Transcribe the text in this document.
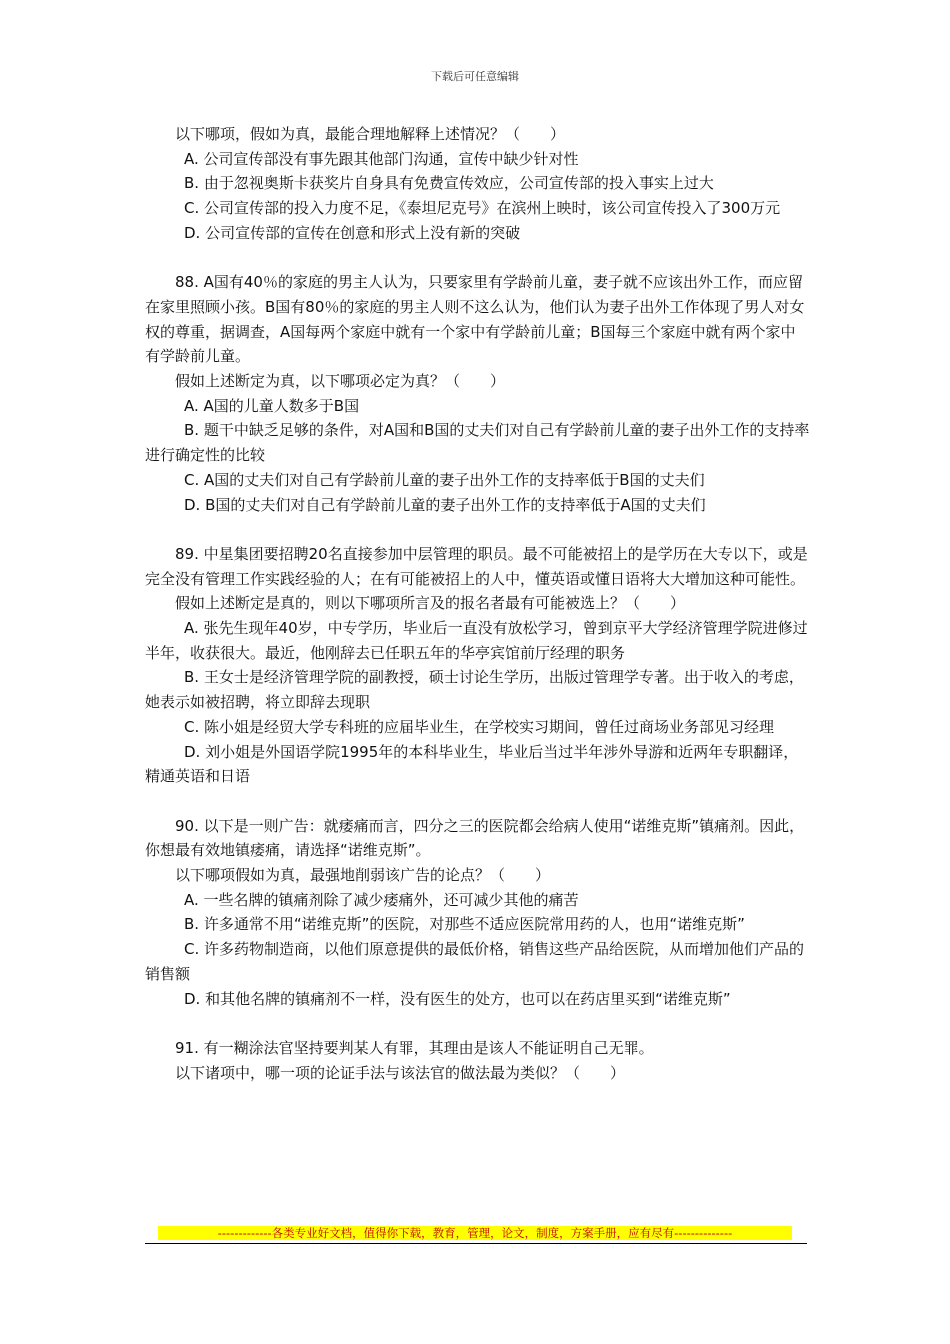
下载后可任意编辑

以下哪项，假如为真，最能合理地解释上述情况？（　　）

A. 公司宣传部没有事先跟其他部门沟通，宣传中缺少针对性

B. 由于忽视奥斯卡获奖片自身具有免费宣传效应，公司宣传部的投入事实上过大

C. 公司宣传部的投入力度不足，《泰坦尼克号》在滨州上映时，该公司宣传投入了300万元

D. 公司宣传部的宣传在创意和形式上没有新的突破

88. A国有40％的家庭的男主人认为，只要家里有学龄前儿童，妻子就不应该出外工作，而应留在家里照顾小孩。B国有80％的家庭的男主人则不这么认为，他们认为妻子出外工作体现了男人对女权的尊重，据调查，A国每两个家庭中就有一个家中有学龄前儿童；B国每三个家庭中就有两个家中有学龄前儿童。

假如上述断定为真，以下哪项必定为真？（　　）

A. A国的儿童人数多于B国

B. 题干中缺乏足够的条件，对A国和B国的丈夫们对自己有学龄前儿童的妻子出外工作的支持率进行确定性的比较

C. A国的丈夫们对自己有学龄前儿童的妻子出外工作的支持率低于B国的丈夫们

D. B国的丈夫们对自己有学龄前儿童的妻子出外工作的支持率低于A国的丈夫们

89. 中星集团要招聘20名直接参加中层管理的职员。最不可能被招上的是学历在大专以下，或是完全没有管理工作实践经验的人；在有可能被招上的人中，懂英语或懂日语将大大增加这种可能性。

假如上述断定是真的，则以下哪项所言及的报名者最有可能被选上？（　　）

A. 张先生现年40岁，中专学历，毕业后一直没有放松学习，曾到京平大学经济管理学院进修过半年，收获很大。最近，他刚辞去已任职五年的华亭宾馆前厅经理的职务

B. 王女士是经济管理学院的副教授，硕士讨论生学历，出版过管理学专著。出于收入的考虑，她表示如被招聘，将立即辞去现职

C. 陈小姐是经贸大学专科班的应届毕业生，在学校实习期间，曾任过商场业务部见习经理

D. 刘小姐是外国语学院1995年的本科毕业生，毕业后当过半年涉外导游和近两年专职翻译，精通英语和日语

90. 以下是一则广告：就痿痛而言，四分之三的医院都会给病人使用“诺维克斯”镇痛剂。因此，你想最有效地镇痿痛，请选择“诺维克斯”。

以下哪项假如为真，最强地削弱该广告的论点？（　　）

A. 一些名牌的镇痛剂除了减少痿痛外，还可减少其他的痛苦

B. 许多通常不用“诺维克斯”的医院，对那些不适应医院常用药的人，也用“诺维克斯”

C. 许多药物制造商，以他们原意提供的最低价格，销售这些产品给医院，从而增加他们产品的销售额

D. 和其他名牌的镇痛剂不一样，没有医生的处方，也可以在药店里买到“诺维克斯”

91. 有一糊涂法官坚持要判某人有罪，其理由是该人不能证明自己无罪。

以下诸项中，哪一项的论证手法与该法官的做法最为类似？（　　）

-------------各类专业好文档，值得你下载，教育，管理，论文，制度，方案手册，应有尽有--------------
